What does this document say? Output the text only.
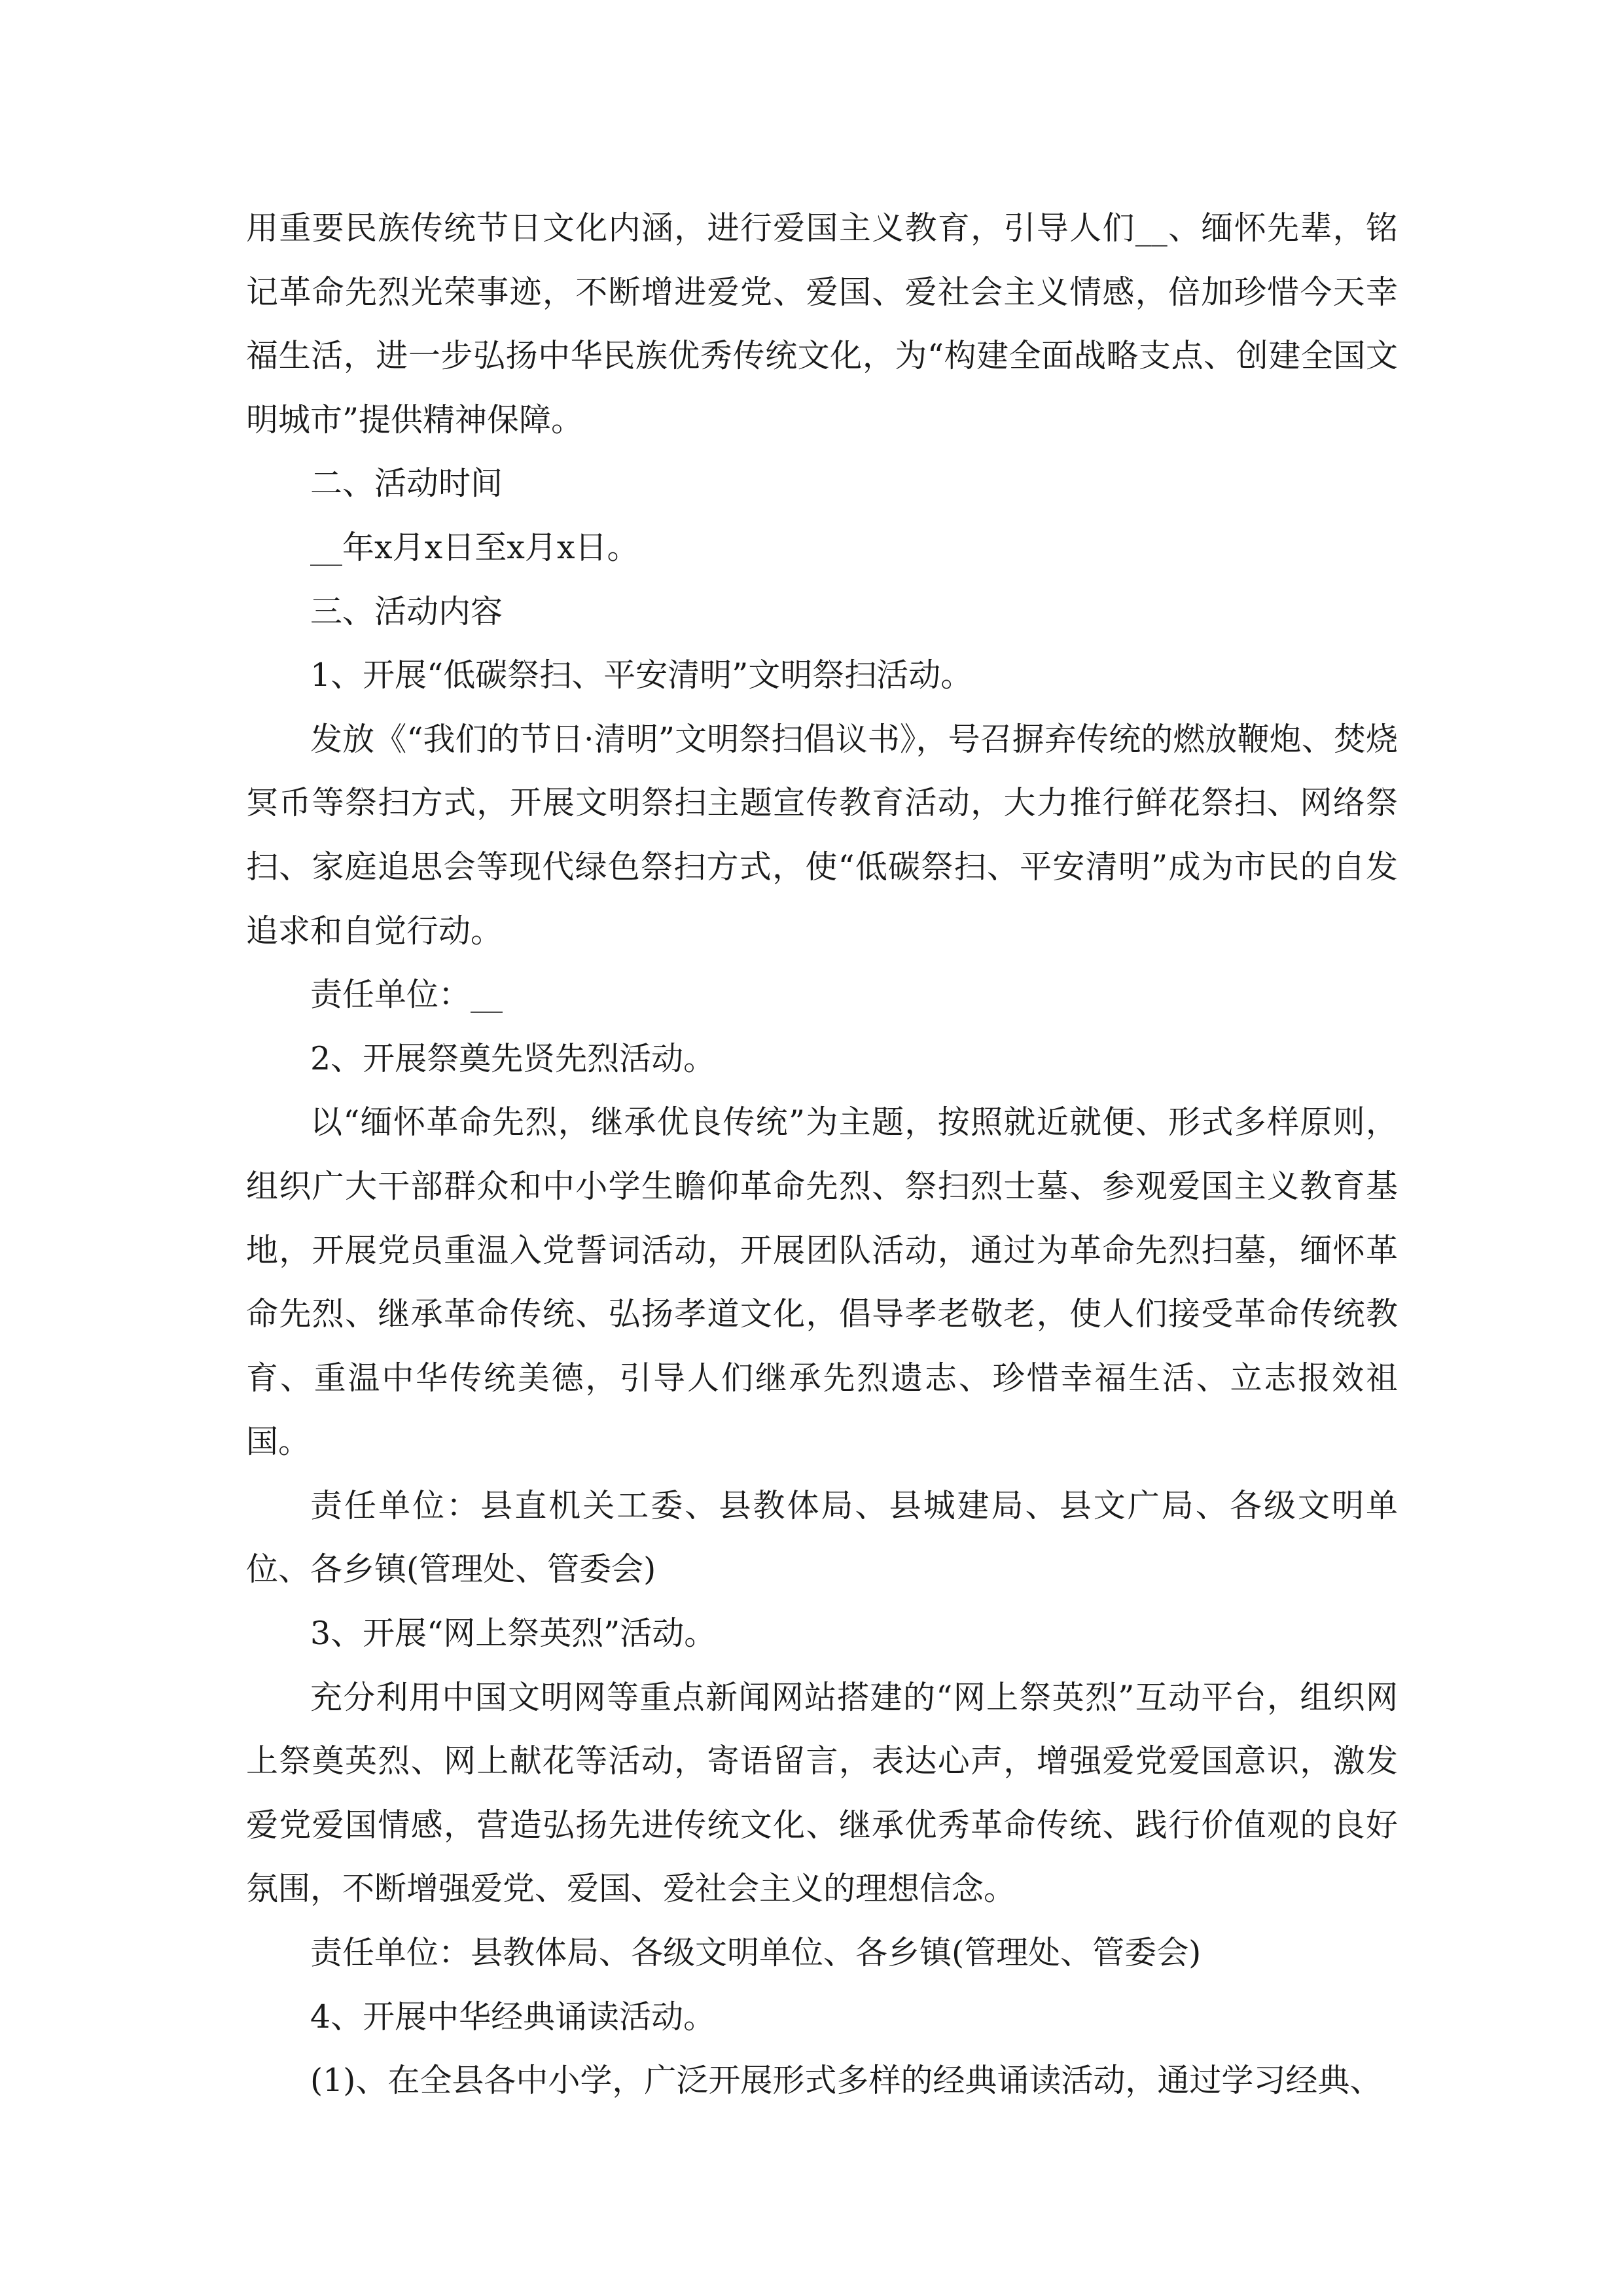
用重要民族传统节日文化内涵，进行爱国主义教育，引导人们__、缅怀先辈，铭记革命先烈光荣事迹，不断增进爱党、爱国、爱社会主义情感，倍加珍惜今天幸福生活，进一步弘扬中华民族优秀传统文化，为“构建全面战略支点、创建全国文明城市”提供精神保障。

二、活动时间

__年x月x日至x月x日。

三、活动内容

1、开展“低碳祭扫、平安清明”文明祭扫活动。

发放《“我们的节日·清明”文明祭扫倡议书》，号召摒弃传统的燃放鞭炮、焚烧冥币等祭扫方式，开展文明祭扫主题宣传教育活动，大力推行鲜花祭扫、网络祭扫、家庭追思会等现代绿色祭扫方式，使“低碳祭扫、平安清明”成为市民的自发追求和自觉行动。

责任单位：__

2、开展祭奠先贤先烈活动。

以“缅怀革命先烈，继承优良传统”为主题，按照就近就便、形式多样原则，组织广大干部群众和中小学生瞻仰革命先烈、祭扫烈士墓、参观爱国主义教育基地，开展党员重温入党誓词活动，开展团队活动，通过为革命先烈扫墓，缅怀革命先烈、继承革命传统、弘扬孝道文化，倡导孝老敬老，使人们接受革命传统教育、重温中华传统美德，引导人们继承先烈遗志、珍惜幸福生活、立志报效祖国。

责任单位：县直机关工委、县教体局、县城建局、县文广局、各级文明单位、各乡镇(管理处、管委会)

3、开展“网上祭英烈”活动。

充分利用中国文明网等重点新闻网站搭建的“网上祭英烈”互动平台，组织网上祭奠英烈、网上献花等活动，寄语留言，表达心声，增强爱党爱国意识，激发爱党爱国情感，营造弘扬先进传统文化、继承优秀革命传统、践行价值观的良好氛围，不断增强爱党、爱国、爱社会主义的理想信念。

责任单位：县教体局、各级文明单位、各乡镇(管理处、管委会)

4、开展中华经典诵读活动。

(1)、在全县各中小学，广泛开展形式多样的经典诵读活动，通过学习经典、
